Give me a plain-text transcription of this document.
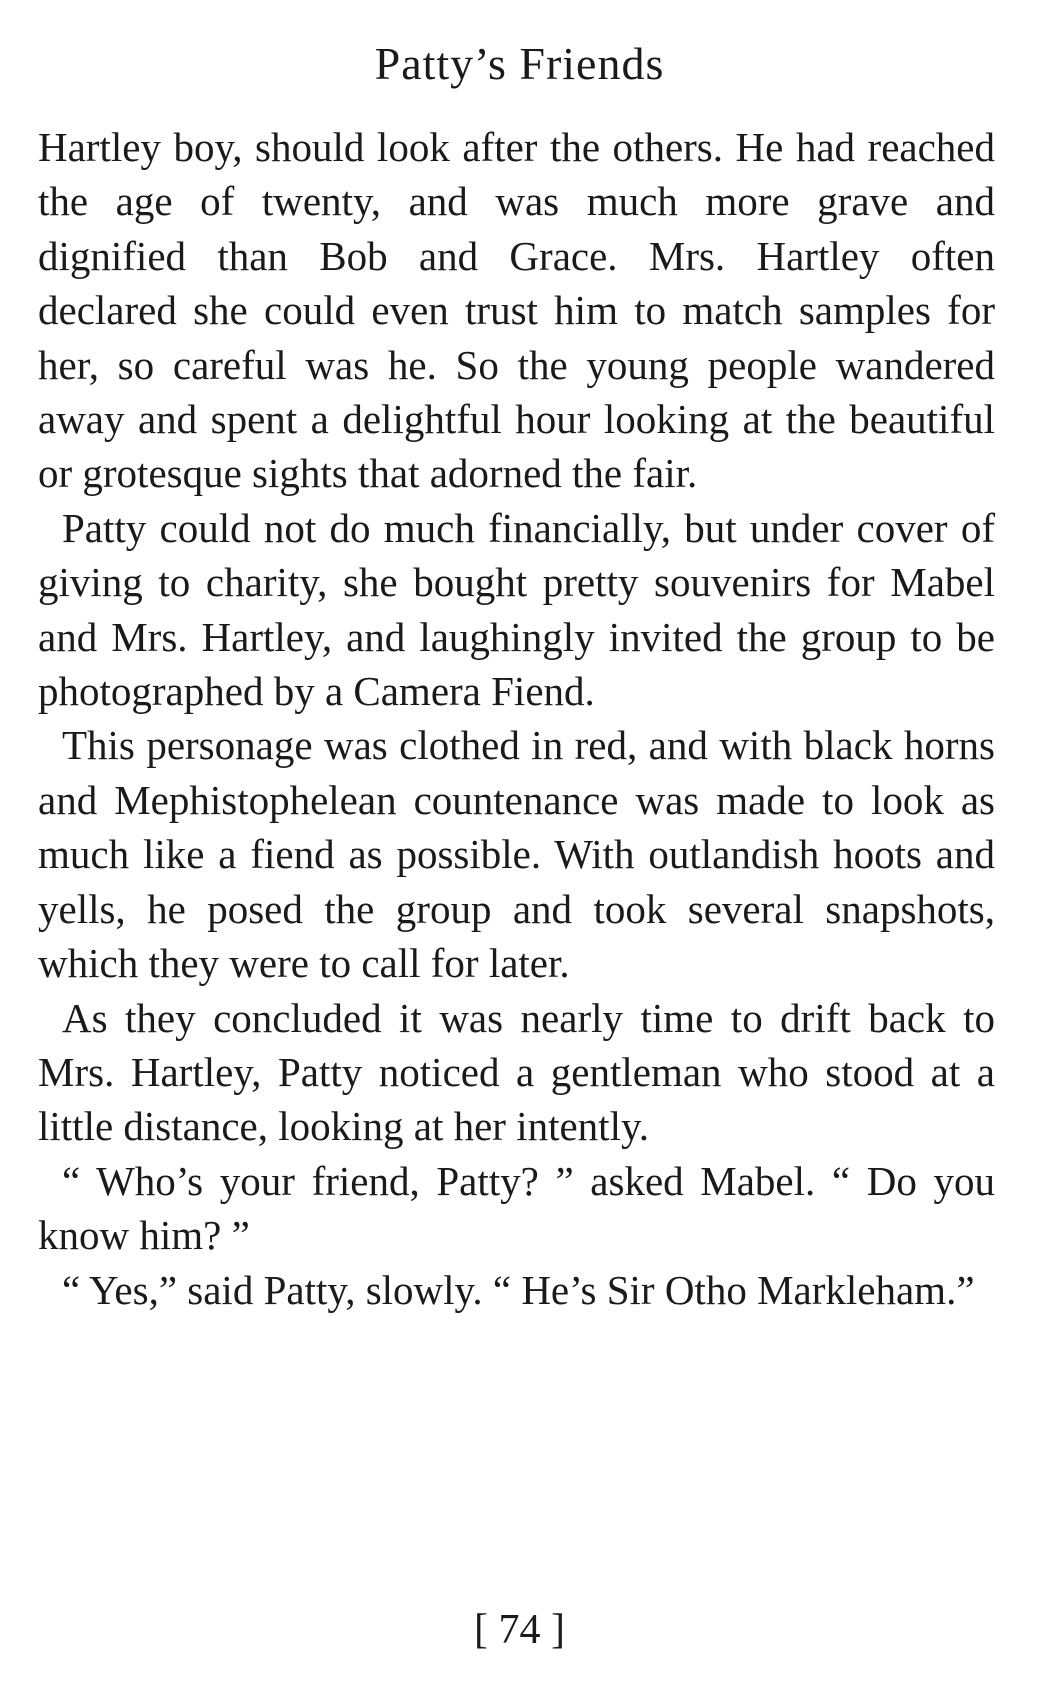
Patty’s Friends

Hartley boy, should look after the others. He had reached the age of twenty, and was much more grave and dignified than Bob and Grace. Mrs. Hartley often declared she could even trust him to match samples for her, so careful was he. So the young people wandered away and spent a delightful hour looking at the beautiful or grotesque sights that adorned the fair.

Patty could not do much financially, but under cover of giving to charity, she bought pretty souvenirs for Mabel and Mrs. Hartley, and laughingly invited the group to be photographed by a Camera Fiend.

This personage was clothed in red, and with black horns and Mephistophelean countenance was made to look as much like a fiend as possible. With outlandish hoots and yells, he posed the group and took several snapshots, which they were to call for later.

As they concluded it was nearly time to drift back to Mrs. Hartley, Patty noticed a gentleman who stood at a little distance, looking at her intently.

“ Who’s your friend, Patty? ” asked Mabel. “ Do you know him? ”

“ Yes,” said Patty, slowly. “ He’s Sir Otho Markleham.”

[ 74 ]
